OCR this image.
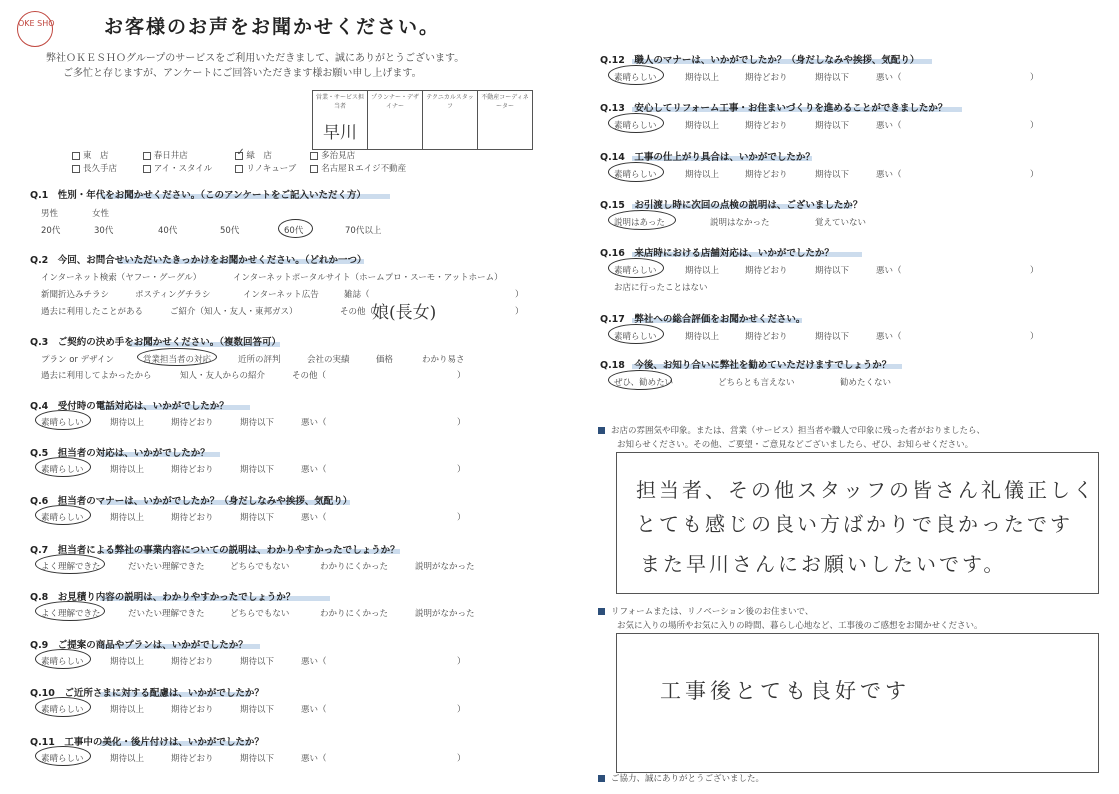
OKE SHO	お客様のお声をお聞かせください。
弊社ＯＫＥＳＨＯグループのサービスをご利用いただきまして、誠にありがとうございます。
ご多忙と存じますが、アンケートにご回答いただきます様お願い申し上げます。
営業・サービス担当者
早川

プランナー・デザイナー

テクニカルスタッフ

不動産コーディネーター
東　店	春日井店	✓ 緑　店	多治見店
長久手店	アイ・スタイル	リノキューブ	名古屋Ｒエイジ不動産
Q.1　性別・年代をお聞かせください。（このアンケートをご記入いただく方）
男性	女性
20代	30代	40代	50代	60代	70代以上
Q.2　今回、お問合せいただいたきっかけをお聞かせください。（どれか一つ）
インターネット検索（ヤフー・グーグル）	インターネットポータルサイト（ホームプロ・スーモ・アットホーム）
新聞折込みチラシ	ポスティングチラシ	インターネット広告	雑誌（	）
過去に利用したことがある	ご紹介（知人・友人・東邦ガス）	その他（
娘(長女)	）
Q.3　ご契約の決め手をお聞かせください。（複数回答可）
プラン or デザイン	営業担当者の対応	近所の評判	会社の実績	価格	わかり易さ
過去に利用してよかったから	知人・友人からの紹介	その他（	）
Q.4　受付時の電話対応は、いかがでしたか？
素晴らしい	期待以上	期待どおり	期待以下	悪い（	）
Q.5　担当者の対応は、いかがでしたか？
素晴らしい	期待以上	期待どおり	期待以下	悪い（	）
Q.6　担当者のマナーは、いかがでしたか？（身だしなみや挨拶、気配り）
素晴らしい	期待以上	期待どおり	期待以下	悪い（	）
Q.7　担当者による弊社の事業内容についての説明は、わかりやすかったでしょうか？
よく理解できた	だいたい理解できた	どちらでもない	わかりにくかった	説明がなかった
Q.8　お見積り内容の説明は、わかりやすかったでしょうか？
よく理解できた	だいたい理解できた	どちらでもない	わかりにくかった	説明がなかった
Q.9　ご提案の商品やプランは、いかがでしたか？
素晴らしい	期待以上	期待どおり	期待以下	悪い（	）
Q.10　ご近所さまに対する配慮は、いかがでしたか？
素晴らしい	期待以上	期待どおり	期待以下	悪い（	）
Q.11　工事中の美化・後片付けは、いかがでしたか？
素晴らしい	期待以上	期待どおり	期待以下	悪い（	）
Q.12　職人のマナーは、いかがでしたか？（身だしなみや挨拶、気配り）
素晴らしい	期待以上	期待どおり	期待以下	悪い（	）
Q.13　安心してリフォーム工事・お住まいづくりを進めることができましたか？
素晴らしい	期待以上	期待どおり	期待以下	悪い（	）
Q.14　工事の仕上がり具合は、いかがでしたか？
素晴らしい	期待以上	期待どおり	期待以下	悪い（	）
Q.15　お引渡し時に次回の点検の説明は、ございましたか？
説明はあった	説明はなかった	覚えていない
Q.16　来店時における店舗対応は、いかがでしたか？
素晴らしい	期待以上	期待どおり	期待以下	悪い（	）
お店に行ったことはない
Q.17　弊社への総合評価をお聞かせください。
素晴らしい	期待以上	期待どおり	期待以下	悪い（	）
Q.18　今後、お知り合いに弊社を勧めていただけますでしょうか？
ぜひ、勧めたい	どちらとも言えない	勧めたくない
お店の雰囲気や印象。または、営業（サービス）担当者や職人で印象に残った者がおりましたら、
お知らせください。その他、ご要望・ご意見などございましたら、ぜひ、お知らせください。
担当者、その他スタッフの皆さん礼儀正しく
とても感じの良い方ばかりで良かったです
また早川さんにお願いしたいです。
リフォームまたは、リノベーション後のお住まいで、
お気に入りの場所やお気に入りの時間、暮らし心地など、工事後のご感想をお聞かせください。
工事後とても良好です
ご協力、誠にありがとうございました。
